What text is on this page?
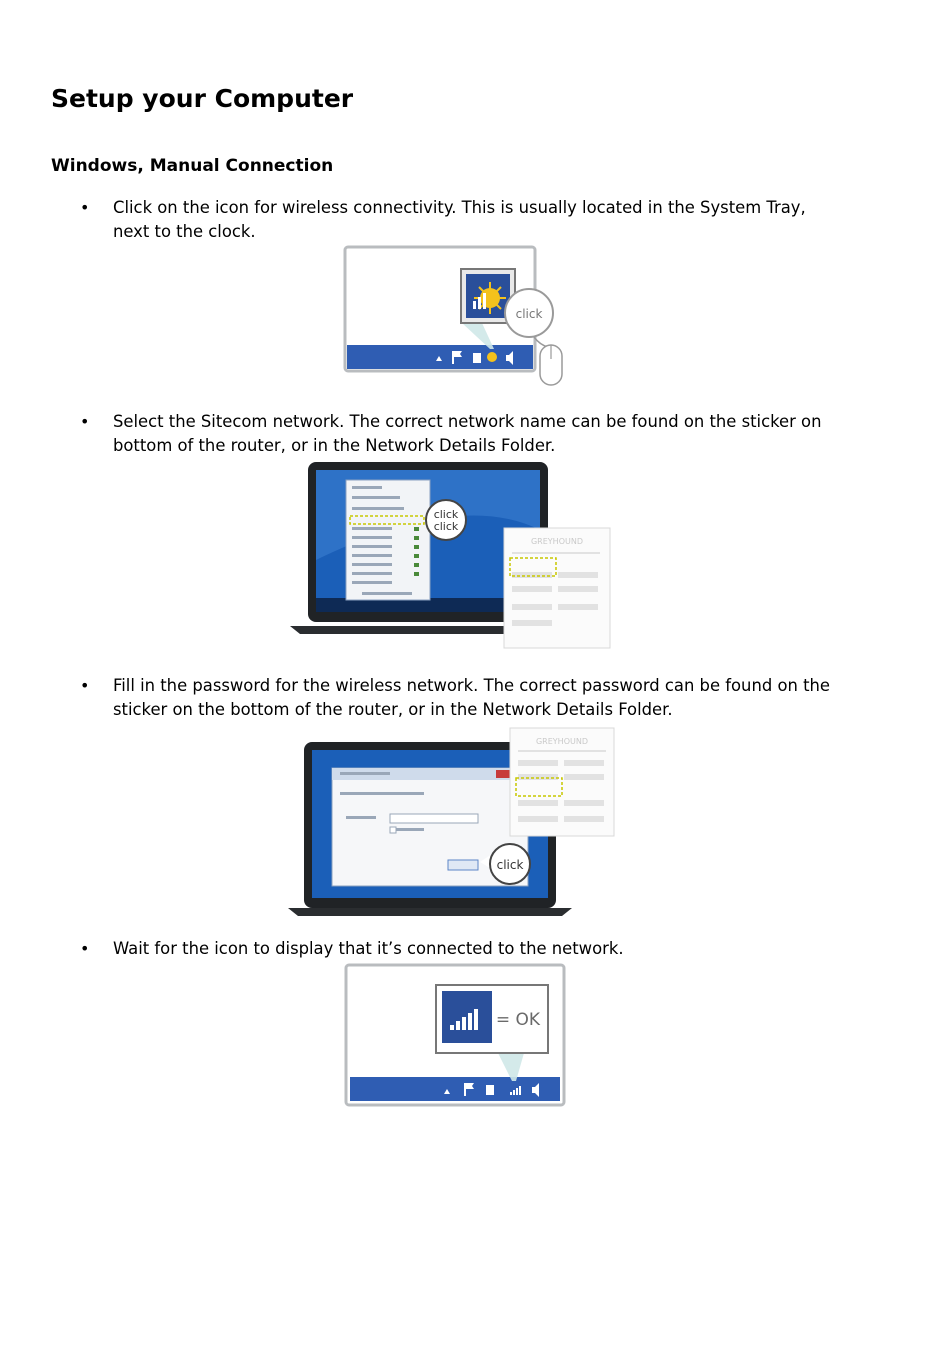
Setup your Computer
Windows, Manual Connection
• Click on the icon for wireless connectivity. This is usually located in the System Tray, next to the clock.
click
• Select the Sitecom network. The correct network name can be found on the sticker on bottom of the router, or in the Network Details Folder.
click
click
GREYHOUND
• Fill in the password for the wireless network. The correct password can be found on the sticker on the bottom of the router, or in the Network Details Folder.
click
GREYHOUND
• Wait for the icon to display that it’s connected to the network.
= OK
